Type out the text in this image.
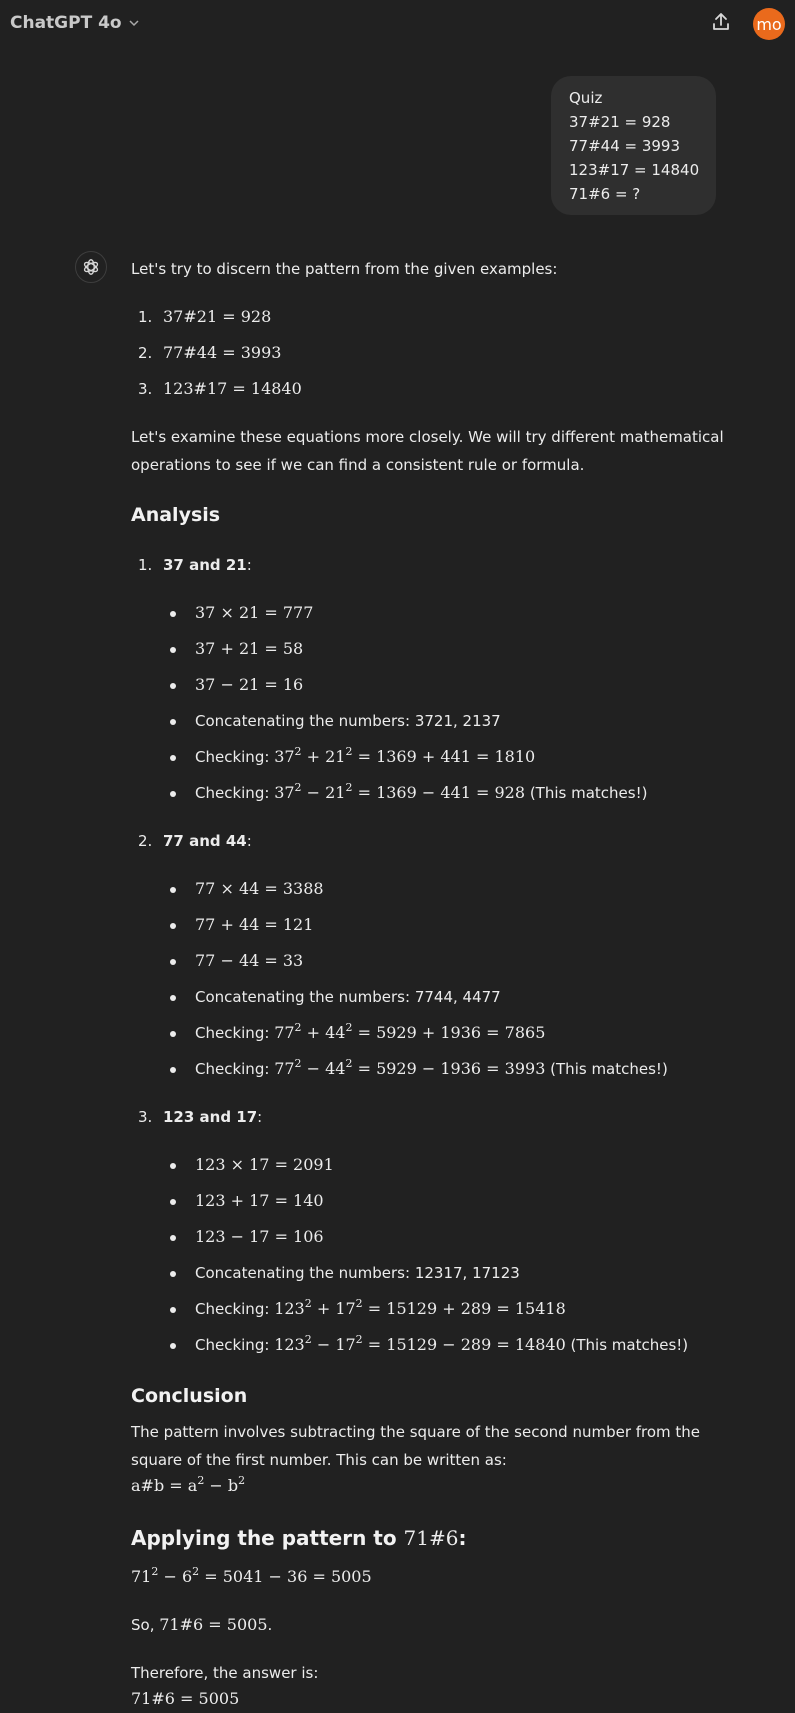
ChatGPT 4o	mo
Quiz
37#21 = 928
77#44 = 3993
123#17 = 14840
71#6 = ?
Let's try to discern the pattern from the given examples:
1. 37#21 = 928
2. 77#44 = 3993
3. 123#17 = 14840
Let's examine these equations more closely. We will try different mathematical
operations to see if we can find a consistent rule or formula.
Analysis
1. 37 and 21:
37 × 21 = 777
37 + 21 = 58
37 − 21 = 16
Concatenating the numbers: 3721, 2137
Checking: $37^2 + 21^2 = 1369 + 441 = 1810$
Checking: $37^2 - 21^2 = 1369 - 441 = 928$ (This matches!)
2. 77 and 44:
77 × 44 = 3388
77 + 44 = 121
77 − 44 = 33
Concatenating the numbers: 7744, 4477
Checking: $77^2 + 44^2 = 5929 + 1936 = 7865$
Checking: $77^2 - 44^2 = 5929 - 1936 = 3993$ (This matches!)
3. 123 and 17:
123 × 17 = 2091
123 + 17 = 140
123 − 17 = 106
Concatenating the numbers: 12317, 17123
Checking: $123^2 + 17^2 = 15129 + 289 = 15418$
Checking: $123^2 - 17^2 = 15129 - 289 = 14840$ (This matches!)
Conclusion
The pattern involves subtracting the square of the second number from the
square of the first number. This can be written as:
a#b = $a^2 - b^2$
Applying the pattern to 71#6:
$71^2 - 6^2 = 5041 - 36 = 5005$
So, 71#6 = 5005.
Therefore, the answer is:
71#6 = 5005
